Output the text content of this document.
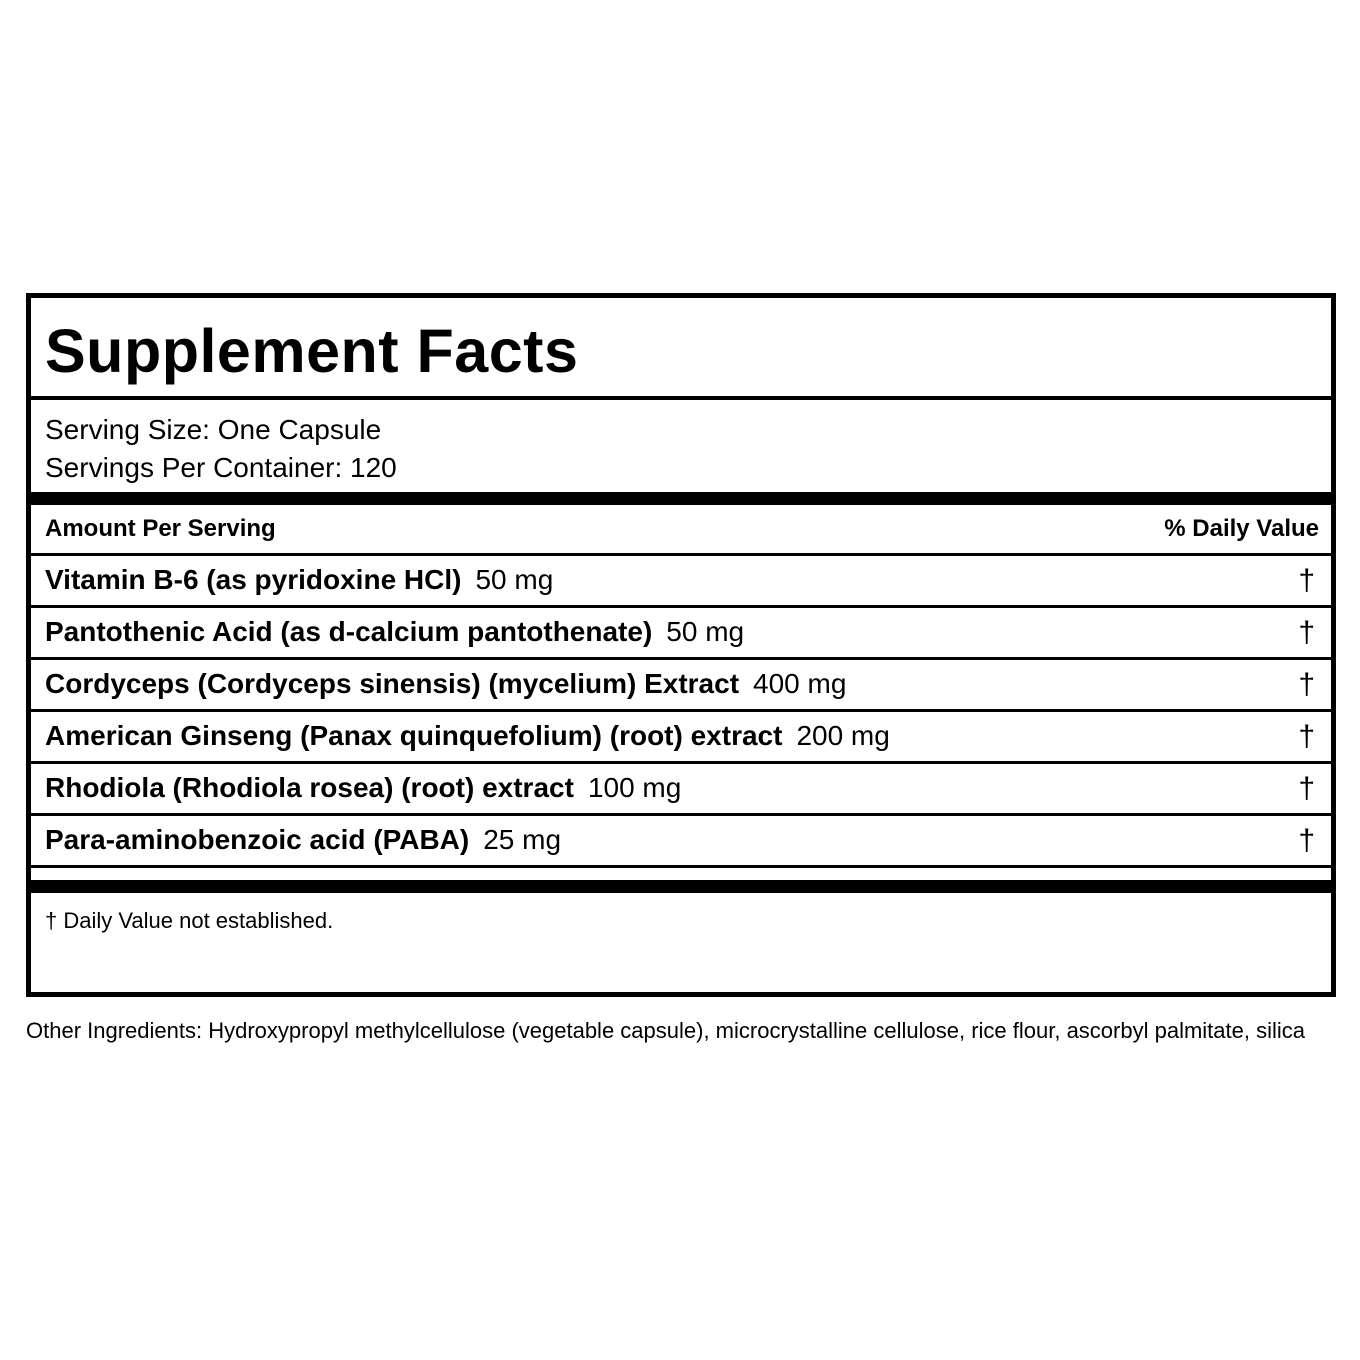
Supplement Facts
Serving Size: One Capsule
Servings Per Container: 120
Amount Per Serving	% Daily Value
Vitamin B-6 (as pyridoxine HCl) 50 mg	†
Pantothenic Acid (as d-calcium pantothenate) 50 mg	†
Cordyceps (Cordyceps sinensis) (mycelium) Extract 400 mg	†
American Ginseng (Panax quinquefolium) (root) extract 200 mg	†
Rhodiola (Rhodiola rosea) (root) extract 100 mg	†
Para-aminobenzoic acid (PABA) 25 mg	†
† Daily Value not established.
Other Ingredients: Hydroxypropyl methylcellulose (vegetable capsule), microcrystalline cellulose, rice flour, ascorbyl palmitate, silica
